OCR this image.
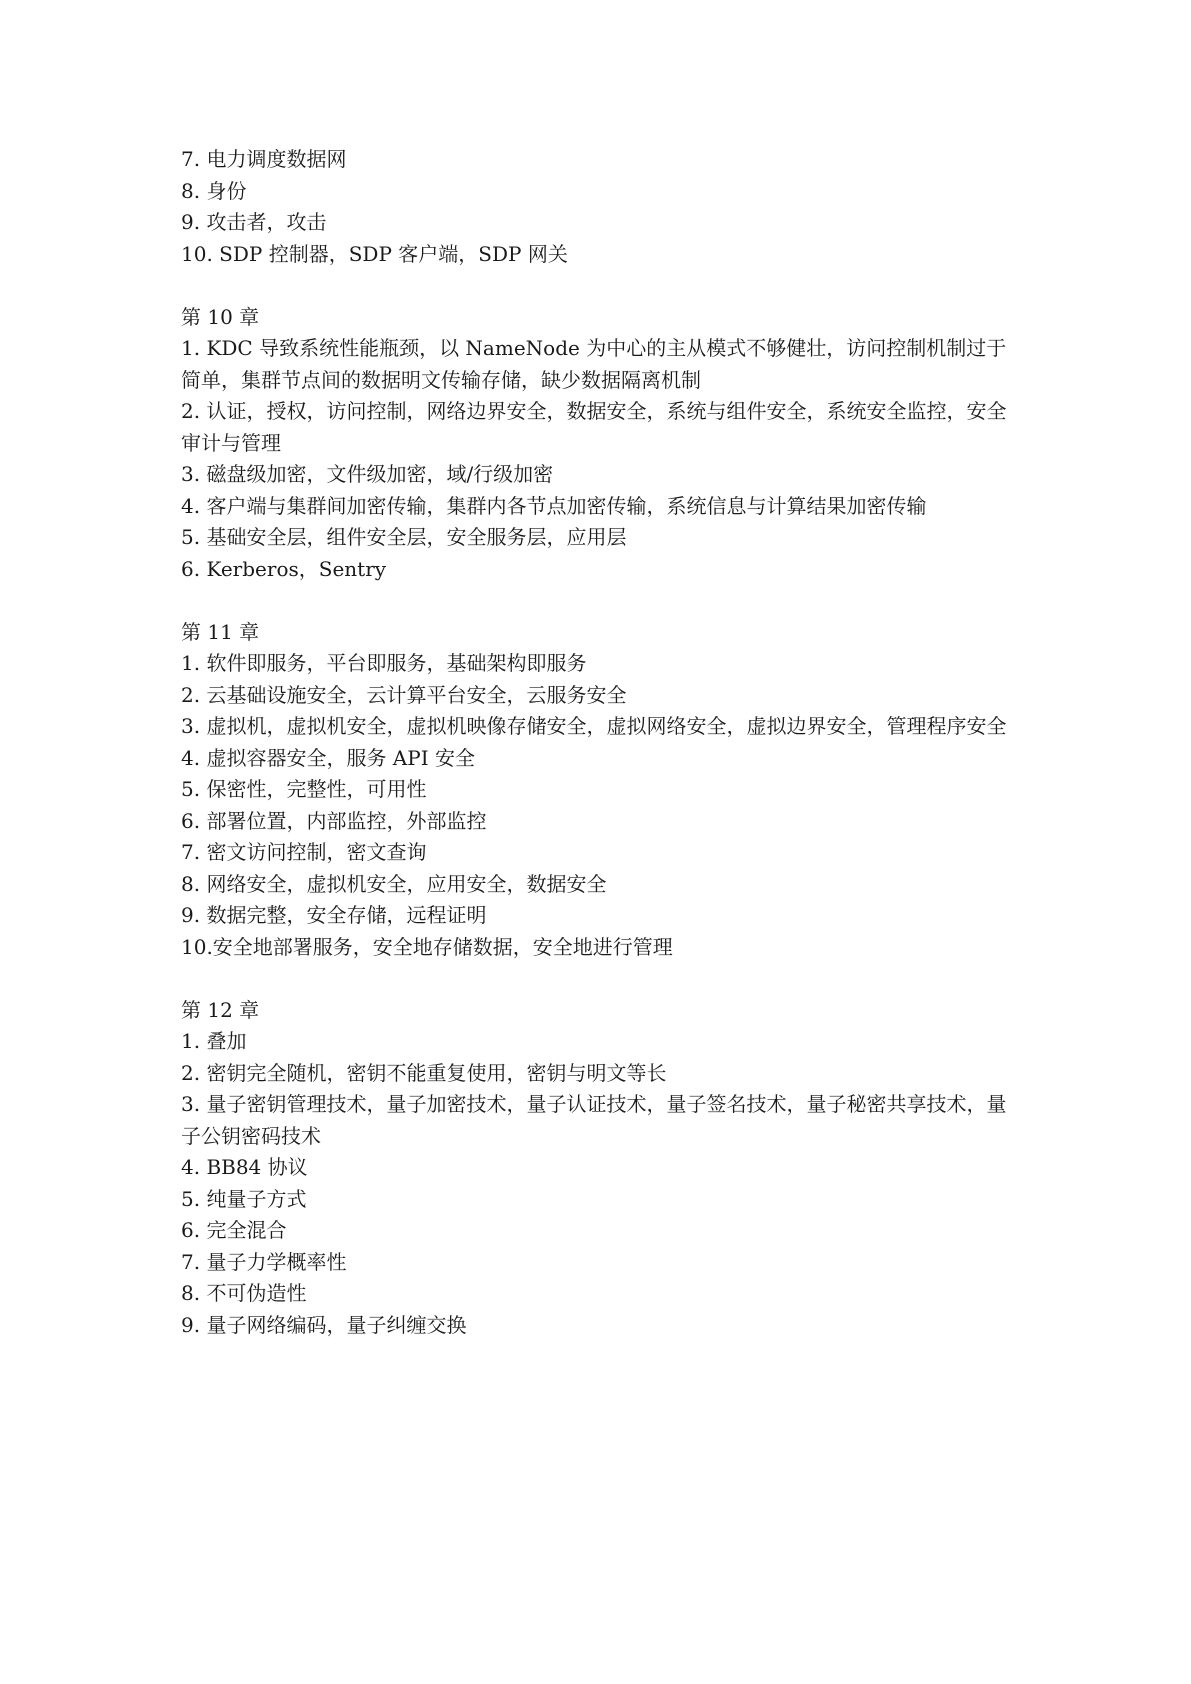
7. 电力调度数据网
8. 身份
9. 攻击者，攻击
10. SDP 控制器，SDP 客户端，SDP 网关
第 10 章
1. KDC 导致系统性能瓶颈，以 NameNode 为中心的主从模式不够健壮，访问控制机制过于简单，集群节点间的数据明文传输存储，缺少数据隔离机制
2. 认证，授权，访问控制，网络边界安全，数据安全，系统与组件安全，系统安全监控，安全审计与管理
3. 磁盘级加密，文件级加密，域/行级加密
4. 客户端与集群间加密传输，集群内各节点加密传输，系统信息与计算结果加密传输
5. 基础安全层，组件安全层，安全服务层，应用层
6. Kerberos，Sentry
第 11 章
1. 软件即服务，平台即服务，基础架构即服务
2. 云基础设施安全，云计算平台安全，云服务安全
3. 虚拟机，虚拟机安全，虚拟机映像存储安全，虚拟网络安全，虚拟边界安全，管理程序安全
4. 虚拟容器安全，服务 API 安全
5. 保密性，完整性，可用性
6. 部署位置，内部监控，外部监控
7. 密文访问控制，密文查询
8. 网络安全，虚拟机安全，应用安全，数据安全
9. 数据完整，安全存储，远程证明
10.安全地部署服务，安全地存储数据，安全地进行管理
第 12 章
1. 叠加
2. 密钥完全随机，密钥不能重复使用，密钥与明文等长
3. 量子密钥管理技术，量子加密技术，量子认证技术，量子签名技术，量子秘密共享技术，量子公钥密码技术
4. BB84 协议
5. 纯量子方式
6. 完全混合
7. 量子力学概率性
8. 不可伪造性
9. 量子网络编码，量子纠缠交换
